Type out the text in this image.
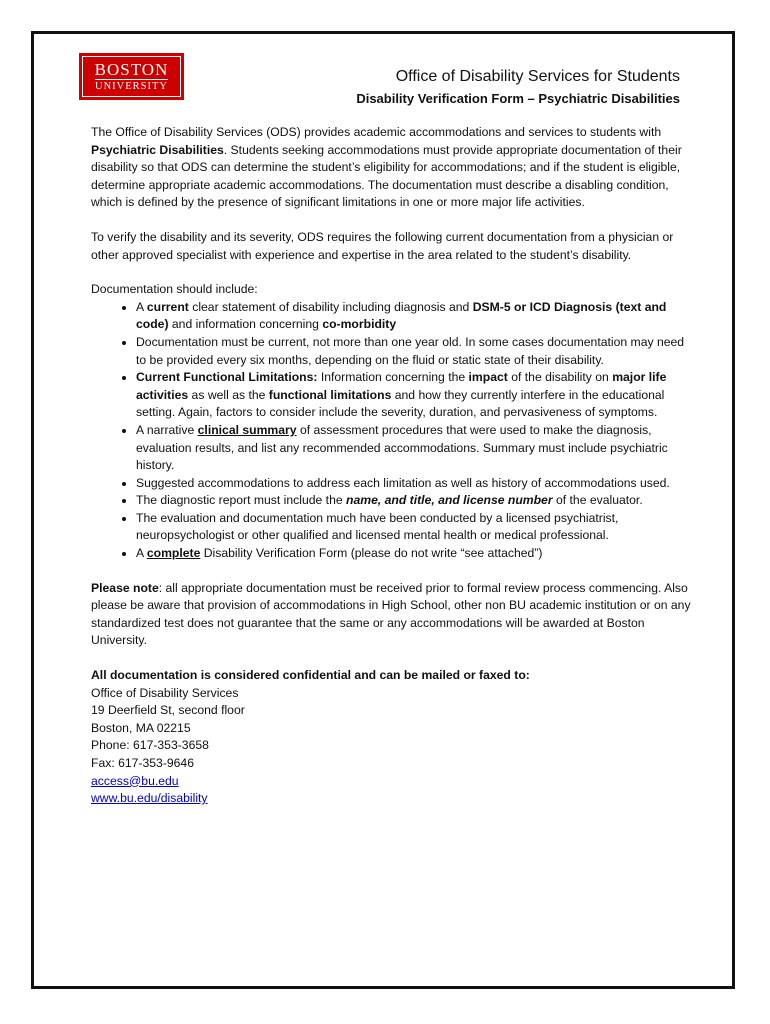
BOSTON
UNIVERSITY
Office of Disability Services for Students
Disability Verification Form – Psychiatric Disabilities

The Office of Disability Services (ODS) provides academic accommodations and services to students with Psychiatric Disabilities. Students seeking accommodations must provide appropriate documentation of their disability so that ODS can determine the student’s eligibility for accommodations; and if the student is eligible, determine appropriate academic accommodations. The documentation must describe a disabling condition, which is defined by the presence of significant limitations in one or more major life activities.

To verify the disability and its severity, ODS requires the following current documentation from a physician or other approved specialist with experience and expertise in the area related to the student’s disability.

Documentation should include:
• A current clear statement of disability including diagnosis and DSM-5 or ICD Diagnosis (text and code) and information concerning co-morbidity
• Documentation must be current, not more than one year old. In some cases documentation may need to be provided every six months, depending on the fluid or static state of their disability.
• Current Functional Limitations: Information concerning the impact of the disability on major life activities as well as the functional limitations and how they currently interfere in the educational setting. Again, factors to consider include the severity, duration, and pervasiveness of symptoms.
• A narrative clinical summary of assessment procedures that were used to make the diagnosis, evaluation results, and list any recommended accommodations. Summary must include psychiatric history.
• Suggested accommodations to address each limitation as well as history of accommodations used.
• The diagnostic report must include the name, and title, and license number of the evaluator.
• The evaluation and documentation much have been conducted by a licensed psychiatrist, neuropsychologist or other qualified and licensed mental health or medical professional.
• A complete Disability Verification Form (please do not write “see attached”)

Please note: all appropriate documentation must be received prior to formal review process commencing. Also please be aware that provision of accommodations in High School, other non BU academic institution or on any standardized test does not guarantee that the same or any accommodations will be awarded at Boston University.

All documentation is considered confidential and can be mailed or faxed to:
Office of Disability Services
19 Deerfield St, second floor
Boston, MA 02215
Phone: 617-353-3658
Fax: 617-353-9646
access@bu.edu
www.bu.edu/disability
